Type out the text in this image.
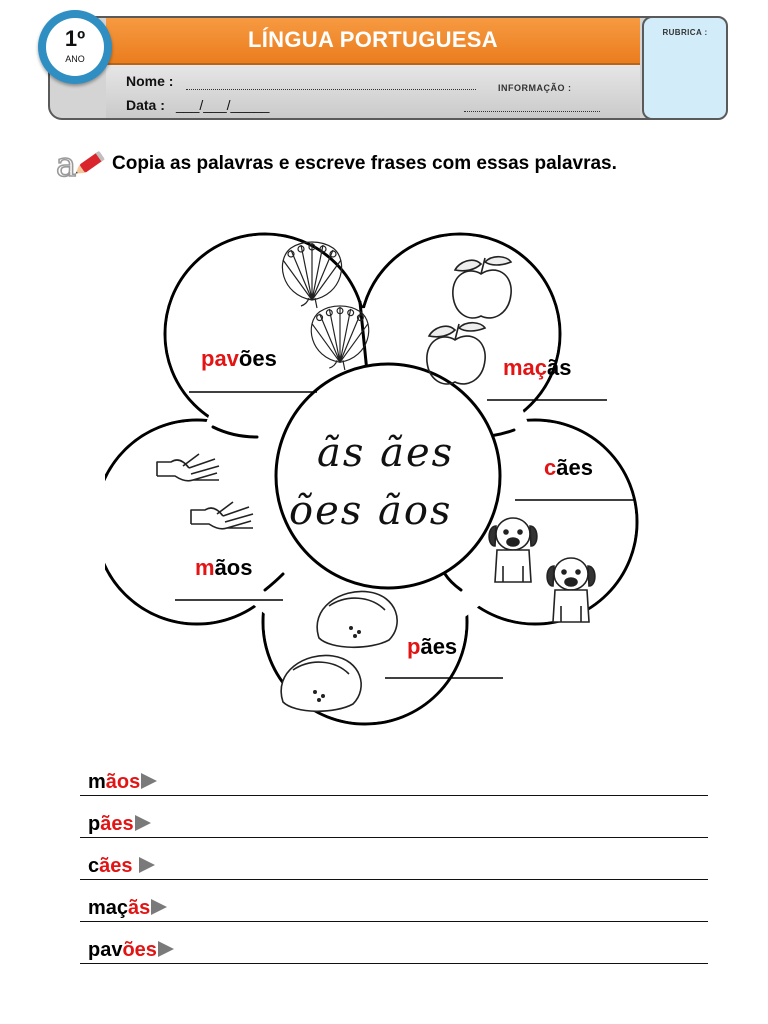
LÍNGUA PORTUGUESA
Nome :
Data : ___/___/_____
INFORMAÇÃO :
RUBRICA :
1º
ANO
a Copia as palavras e escreve frases com essas palavras.
pavões	maçãs
cães
pães
mãos
ãs ães
ões ãos
mãos
pães
cães
maçãs
pavões
